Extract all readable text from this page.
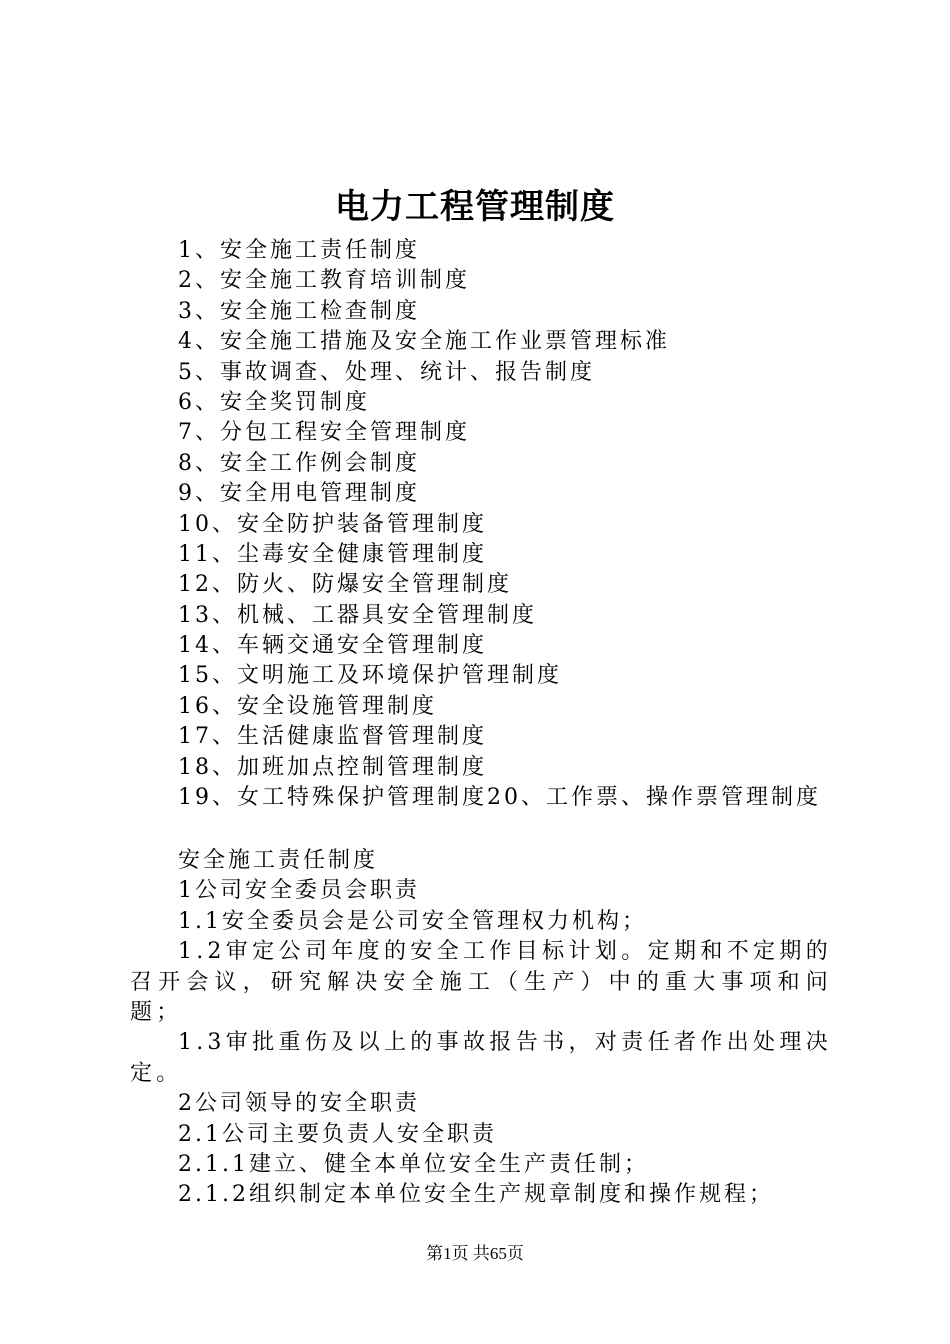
电力工程管理制度
1、安全施工责任制度
2、安全施工教育培训制度
3、安全施工检查制度
4、安全施工措施及安全施工作业票管理标准
5、事故调查、处理、统计、报告制度
6、安全奖罚制度
7、分包工程安全管理制度
8、安全工作例会制度
9、安全用电管理制度
10、安全防护装备管理制度
11、尘毒安全健康管理制度
12、防火、防爆安全管理制度
13、机械、工器具安全管理制度
14、车辆交通安全管理制度
15、文明施工及环境保护管理制度
16、安全设施管理制度
17、生活健康监督管理制度
18、加班加点控制管理制度
19、女工特殊保护管理制度20、工作票、操作票管理制度

安全施工责任制度

1公司安全委员会职责

1.1安全委员会是公司安全管理权力机构；

1.2审定公司年度的安全工作目标计划。定期和不定期的召开会议，研究解决安全施工（生产）中的重大事项和问题；

1.3审批重伤及以上的事故报告书，对责任者作出处理决定。

2公司领导的安全职责

2.1公司主要负责人安全职责

2.1.1建立、健全本单位安全生产责任制；

2.1.2组织制定本单位安全生产规章制度和操作规程；

第1页 共65页
